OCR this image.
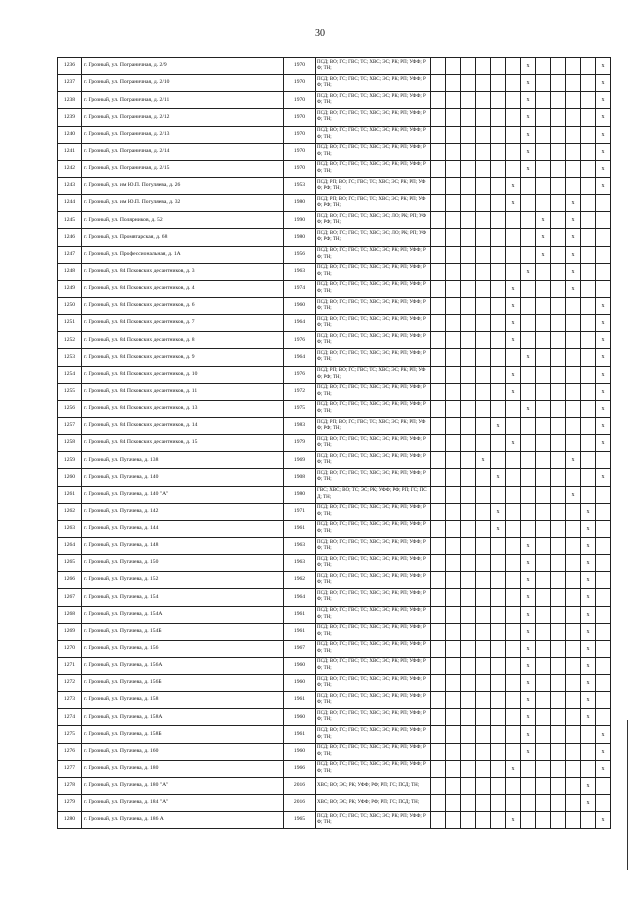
30
1236	г. Грозный, ул. Пограничная, д. 2/9	1970	ПСД; ВО; ГС; ГВС; ТС; ХВС; ЭС; РК; РП; УФФ; РФ; ТН;							x					x
1237	г. Грозный, ул. Пограничная, д. 2/10	1970	ПСД; ВО; ГС; ГВС; ТС; ХВС; ЭС; РК; РП; УФФ; РФ; ТН;							x					x
1238	г. Грозный, ул. Пограничная, д. 2/11	1970	ПСД; ВО; ГС; ГВС; ТС; ХВС; ЭС; РК; РП; УФФ; РФ; ТН;							x					x
1239	г. Грозный, ул. Пограничная, д. 2/12	1970	ПСД; ВО; ГС; ГВС; ТС; ХВС; ЭС; РК; РП; УФФ; РФ; ТН;							x					x
1240	г. Грозный, ул. Пограничная, д. 2/13	1970	ПСД; ВО; ГС; ГВС; ТС; ХВС; ЭС; РК; РП; УФФ; РФ; ТН;							x					x
1241	г. Грозный, ул. Пограничная, д. 2/14	1970	ПСД; ВО; ГС; ГВС; ТС; ХВС; ЭС; РК; РП; УФФ; РФ; ТН;							x					x
1242	г. Грозный, ул. Пограничная, д. 2/15	1970	ПСД; ВО; ГС; ГВС; ТС; ХВС; ЭС; РК; РП; УФФ; РФ; ТН;							x					x
1243	г. Грозный, ул. им Ю.П. Погуляева, д. 26	1953	ПСД; РП; ВО; ГС; ГВС; ТС; ХВС; ЭС; РК; РП; УФФ; РФ; ТН;						x						x
1244	г. Грозный, ул. им Ю.П. Погуляева, д. 32	1980	ПСД; РП; ВО; ГС; ГВС; ТС; ХВС; ЭС; РК; РП; УФФ; РФ; ТН;						x				x		
1245	г. Грозный, ул. Полярников, д. 52	1990	ПСД; ВО; ГС; ГВС; ТС; ХВС; ЭС; ЛО; РК; РП; УФФ; РФ; ТН;								x		x		
1246	г. Грозный, ул. Промвтарская, д. 68	1980	ПСД; ВО; ГС; ГВС; ТС; ХВС; ЭС; ЛО; РК; РП; УФФ; РФ; ТН;								x		x		
1247	г. Грозный, ул. Профессиональная, д. 1А	1956	ПСД; ВО; ГС; ГВС; ТС; ХВС; ЭС; РК; РП; УФФ; РФ; ТН;								x		x		
1248	г. Грозный, ул. 84 Псковских десантников, д. 3	1963	ПСД; ВО; ГС; ГВС; ТС; ХВС; ЭС; РК; РП; УФФ; РФ; ТН;							x			x		
1249	г. Грозный, ул. 84 Псковских десантников, д. 4	1974	ПСД; ВО; ГС; ГВС; ТС; ХВС; ЭС; РК; РП; УФФ; РФ; ТН;						x				x		
1250	г. Грозный, ул. 84 Псковских десантников, д. 6	1960	ПСД; ВО; ГС; ГВС; ТС; ХВС; ЭС; РК; РП; УФФ; РФ; ТН;						x						x
1251	г. Грозный, ул. 84 Псковских десантников, д. 7	1964	ПСД; ВО; ГС; ГВС; ТС; ХВС; ЭС; РК; РП; УФФ; РФ; ТН;						x						x
1252	г. Грозный, ул. 84 Псковских десантников, д. 8	1976	ПСД; ВО; ГС; ГВС; ТС; ХВС; ЭС; РК; РП; УФФ; РФ; ТН;						x						x
1253	г. Грозный, ул. 84 Псковских десантников, д. 9	1964	ПСД; ВО; ГС; ГВС; ТС; ХВС; ЭС; РК; РП; УФФ; РФ; ТН;							x					x
1254	г. Грозный, ул. 84 Псковских десантников, д. 10	1976	ПСД; РП; ВО; ГС; ГВС; ТС; ХВС; ЭС; РК; РП; УФФ; РФ; ТН;						x						x
1255	г. Грозный, ул. 84 Псковских десантников, д. 11	1972	ПСД; ВО; ГС; ГВС; ТС; ХВС; ЭС; РК; РП; УФФ; РФ; ТН;						x						x
1256	г. Грозный, ул. 84 Псковских десантников, д. 13	1975	ПСД; ВО; ГС; ГВС; ТС; ХВС; ЭС; РК; РП; УФФ; РФ; ТН;							x					x
1257	г. Грозный, ул. 84 Псковских десантников, д. 14	1983	ПСД; РП; ВО; ГС; ГВС; ТС; ХВС; ЭС; РК; РП; УФФ; РФ; ТН;					x							x
1258	г. Грозный, ул. 84 Псковских десантников, д. 15	1979	ПСД; ВО; ГС; ГВС; ТС; ХВС; ЭС; РК; РП; УФФ; РФ; ТН;						x						x
1259	г. Грозный, ул. Пугачева, д. 138	1969	ПСД; ВО; ГС; ГВС; ТС; ХВС; ЭС; РК; РП; УФФ; РФ; ТН;				x						x		
1260	г. Грозный, ул. Пугачева, д. 140	1908	ПСД; ВО; ГС; ГВС; ТС; ХВС; ЭС; РК; РП; УФФ; РФ; ТН;					x							x
1261	г. Грозный, ул. Пугачева, д. 140 "А"	1980	ГВС; ХВС; ВО; ТС; ЭС; РК; УФФ; РФ; РП; ГС; ПСД; ТН;										x		
1262	г. Грозный, ул. Пугачева, д. 142	1971	ПСД; ВО; ГС; ГВС; ТС; ХВС; ЭС; РК; РП; УФФ; РФ; ТН;					x						x	
1263	г. Грозный, ул. Пугачева, д. 144	1961	ПСД; ВО; ГС; ГВС; ТС; ХВС; ЭС; РК; РП; УФФ; РФ; ТН;					x						x	
1264	г. Грозный, ул. Пугачева, д. 148	1963	ПСД; ВО; ГС; ГВС; ТС; ХВС; ЭС; РК; РП; УФФ; РФ; ТН;							x				x	
1265	г. Грозный, ул. Пугачева, д. 150	1963	ПСД; ВО; ГС; ГВС; ТС; ХВС; ЭС; РК; РП; УФФ; РФ; ТН;							x				x	
1266	г. Грозный, ул. Пугачева, д. 152	1962	ПСД; ВО; ГС; ГВС; ТС; ХВС; ЭС; РК; РП; УФФ; РФ; ТН;							x				x	
1267	г. Грозный, ул. Пугачева, д. 154	1964	ПСД; ВО; ГС; ГВС; ТС; ХВС; ЭС; РК; РП; УФФ; РФ; ТН;							x				x	
1268	г. Грозный, ул. Пугачева, д. 154А	1961	ПСД; ВО; ГС; ГВС; ТС; ХВС; ЭС; РК; РП; УФФ; РФ; ТН;							x				x	
1269	г. Грозный, ул. Пугачева, д. 154Б	1961	ПСД; ВО; ГС; ГВС; ТС; ХВС; ЭС; РК; РП; УФФ; РФ; ТН;							x				x	
1270	г. Грозный, ул. Пугачева, д. 156	1967	ПСД; ВО; ГС; ГВС; ТС; ХВС; ЭС; РК; РП; УФФ; РФ; ТН;							x				x	
1271	г. Грозный, ул. Пугачева, д. 156А	1960	ПСД; ВО; ГС; ГВС; ТС; ХВС; ЭС; РК; РП; УФФ; РФ; ТН;							x				x	
1272	г. Грозный, ул. Пугачева, д. 156Б	1960	ПСД; ВО; ГС; ГВС; ТС; ХВС; ЭС; РК; РП; УФФ; РФ; ТН;							x				x	
1273	г. Грозный, ул. Пугачева, д. 158	1961	ПСД; ВО; ГС; ГВС; ТС; ХВС; ЭС; РК; РП; УФФ; РФ; ТН;							x				x	
1274	г. Грозный, ул. Пугачева, д. 158А	1960	ПСД; ВО; ГС; ГВС; ТС; ХВС; ЭС; РК; РП; УФФ; РФ; ТН;							x				x	
1275	г. Грозный, ул. Пугачева, д. 158Б	1961	ПСД; ВО; ГС; ГВС; ТС; ХВС; ЭС; РК; РП; УФФ; РФ; ТН;							x					x
1276	г. Грозный, ул. Пугачева, д. 160	1960	ПСД; ВО; ГС; ГВС; ТС; ХВС; ЭС; РК; РП; УФФ; РФ; ТН;							x					x
1277	г. Грозный, ул. Пугачева, д. 180	1966	ПСД; ВО; ГС; ГВС; ТС; ХВС; ЭС; РК; РП; УФФ; РФ; ТН;						x						x
1278	г. Грозный, ул. Пугачева, д. 180 "А"	2016	ХВС; ВО; ЭС; РК; УФФ; РФ; РП; ГС; ПСД; ТН;											x	
1279	г. Грозный, ул. Пугачева, д. 184 "А"	2016	ХВС; ВО; ЭС; РК; УФФ; РФ; РП; ГС; ПСД; ТН;											x	
1280	г. Грозный, ул. Пугачева, д. 186 А	1965	ПСД; ВО; ГС; ГВС; ТС; ХВС; ЭС; РК; РП; УФФ; РФ; ТН;						x						x
